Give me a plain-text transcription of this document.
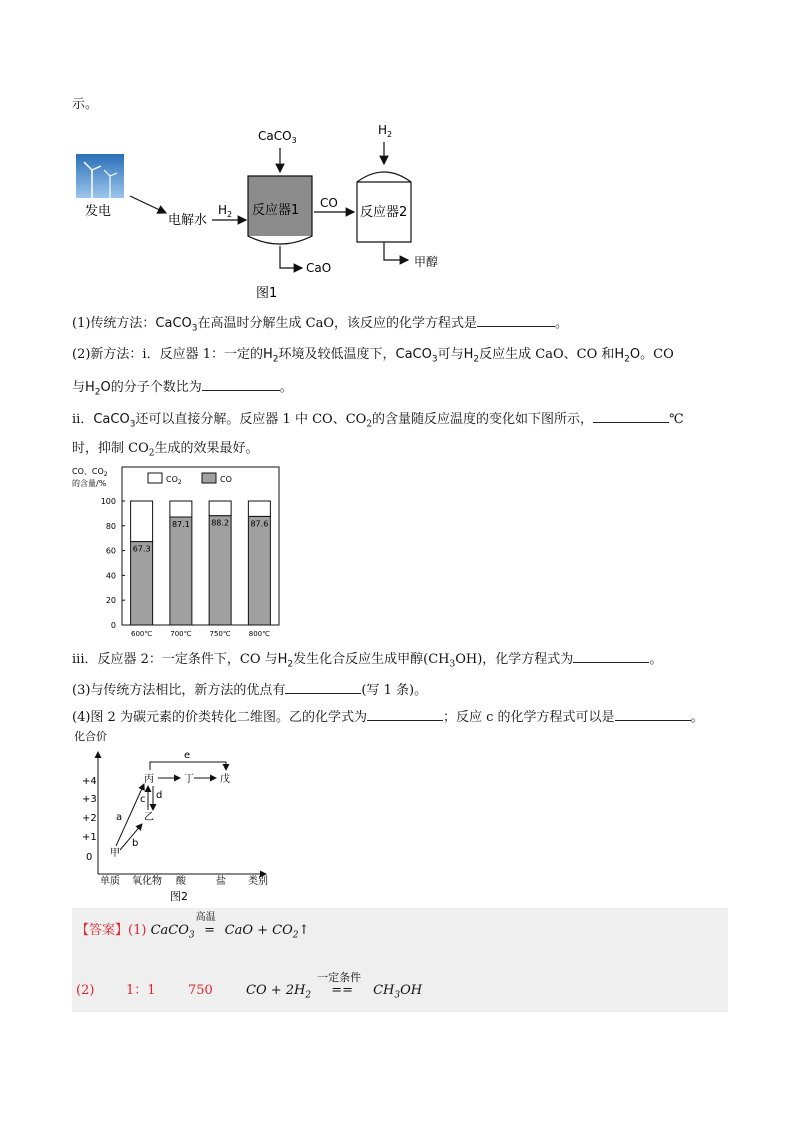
示。
发电
电解水
$H_2$
CaCO$_3$
反应器1
CaO
CO
$H_2$
反应器2
甲醇
图1
(1)传统方法：CaCO$_3$在高温时分解生成 CaO，该反应的化学方程式是	。
(2)新方法：i．反应器 1：一定的$H_2$环境及较低温度下，CaCO$_3$可与$H_2$反应生成 CaO、CO 和$H_2O$。CO
与$H_2O$的分子个数比为	。
ii．CaCO$_3$还可以直接分解。反应器 1 中 CO、$CO_2$的含量随反应温度的变化如下图所示，	℃
时，抑制 $CO_2$生成的效果最好。
CO、$CO_2$
的含量/%	$CO_2$	CO
0
20
40
60
80
100
67.3
87.1	88.2	87.6
600℃	700℃	750℃	800℃
iii．反应器 2：一定条件下，CO 与$H_2$发生化合反应生成甲醇$(CH_3OH)$，化学方程式为	。
(3)与传统方法相比，新方法的优点有	(写 1 条)。
(4)图 2 为碳元素的价类转化二维图。乙的化学式为	；反应 c 的化学方程式可以是	。
化合价
+4
+3
+2
+1
0
单质 氧化物 酸	盐 类别
甲
乙
丙	丁	戊
a
b
c d
e
图2
【答案】(1) CaCO$_3$
高温
= CaO + $CO_2↑$
(2) 1：1 750	CO + $2H_2$
一定条件
== $CH_3OH$
